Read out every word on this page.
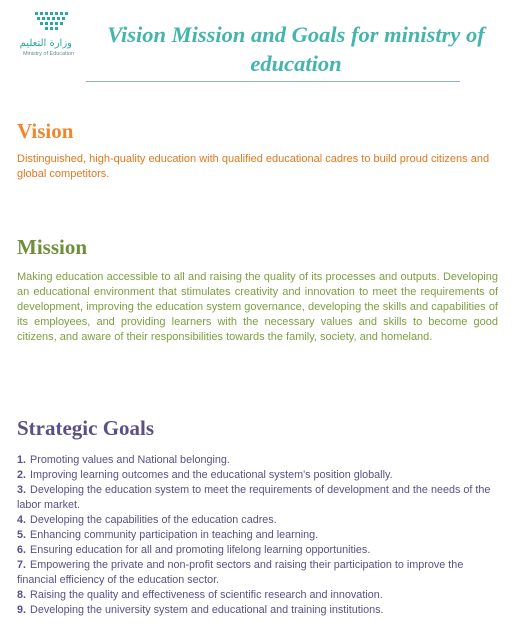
وزارة التعليم
Ministry of Education
Vision Mission and Goals for ministry of education
Vision

Distinguished, high-quality education with qualified educational cadres to build proud citizens and global competitors.

Mission

Making education accessible to all and raising the quality of its processes and outputs. Developing an educational environment that stimulates creativity and innovation to meet the requirements of development, improving the education system governance, developing the skills and capabilities of its employees, and providing learners with the necessary values and skills to become good citizens, and aware of their responsibilities towards the family, society, and homeland.

Strategic Goals
1. Promoting values and National belonging.
2. Improving learning outcomes and the educational system's position globally.
3. Developing the education system to meet the requirements of development and the needs of the labor market.
4. Developing the capabilities of the education cadres.
5. Enhancing community participation in teaching and learning.
6. Ensuring education for all and promoting lifelong learning opportunities.
7. Empowering the private and non-profit sectors and raising their participation to improve the financial efficiency of the education sector.
8. Raising the quality and effectiveness of scientific research and innovation.
9. Developing the university system and educational and training institutions.
